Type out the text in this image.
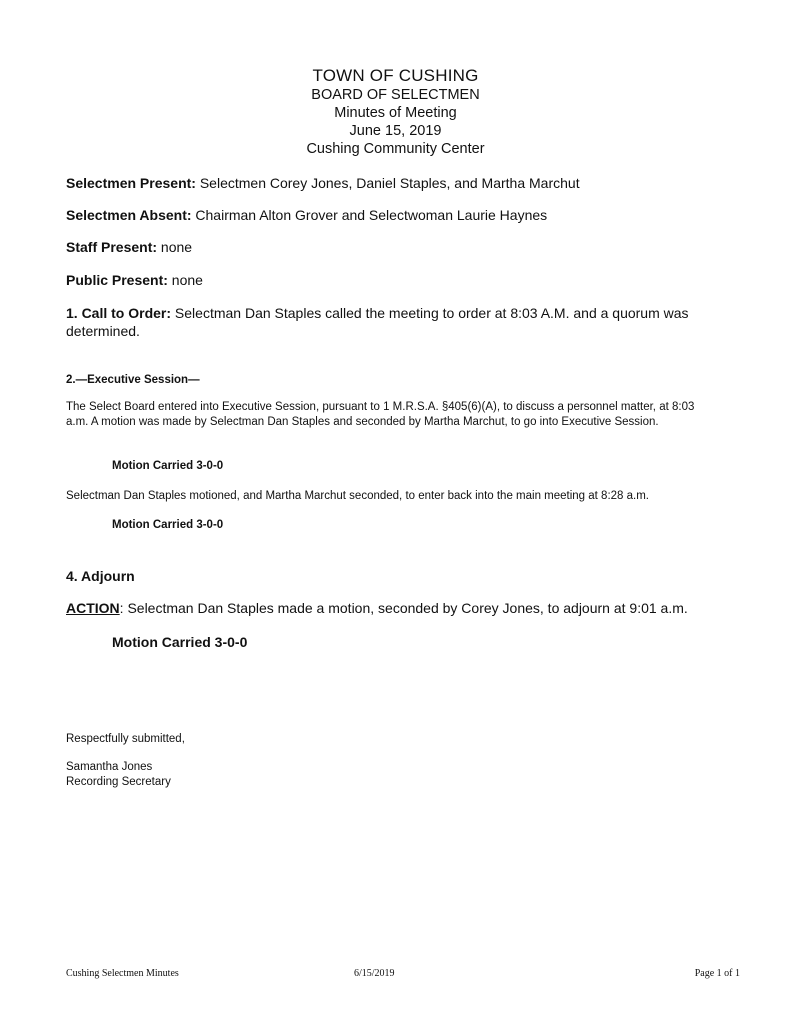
TOWN OF CUSHING
BOARD OF SELECTMEN
Minutes of Meeting
June 15, 2019
Cushing Community Center
Selectmen Present: Selectmen Corey Jones, Daniel Staples, and Martha Marchut
Selectmen Absent: Chairman Alton Grover and Selectwoman Laurie Haynes
Staff Present: none
Public Present: none
1. Call to Order: Selectman Dan Staples called the meeting to order at 8:03 A.M. and a quorum was determined.
2.—Executive Session—
The Select Board entered into Executive Session, pursuant to 1 M.R.S.A. §405(6)(A), to discuss a personnel matter, at 8:03 a.m. A motion was made by Selectman Dan Staples and seconded by Martha Marchut, to go into Executive Session.
Motion Carried 3-0-0
Selectman Dan Staples motioned, and Martha Marchut seconded, to enter back into the main meeting at 8:28 a.m.
Motion Carried 3-0-0
4. Adjourn
ACTION: Selectman Dan Staples made a motion, seconded by Corey Jones, to adjourn at 9:01 a.m.
Motion Carried 3-0-0
Respectfully submitted,
Samantha Jones
Recording Secretary
Cushing Selectmen Minutes	6/15/2019	Page 1 of 1
